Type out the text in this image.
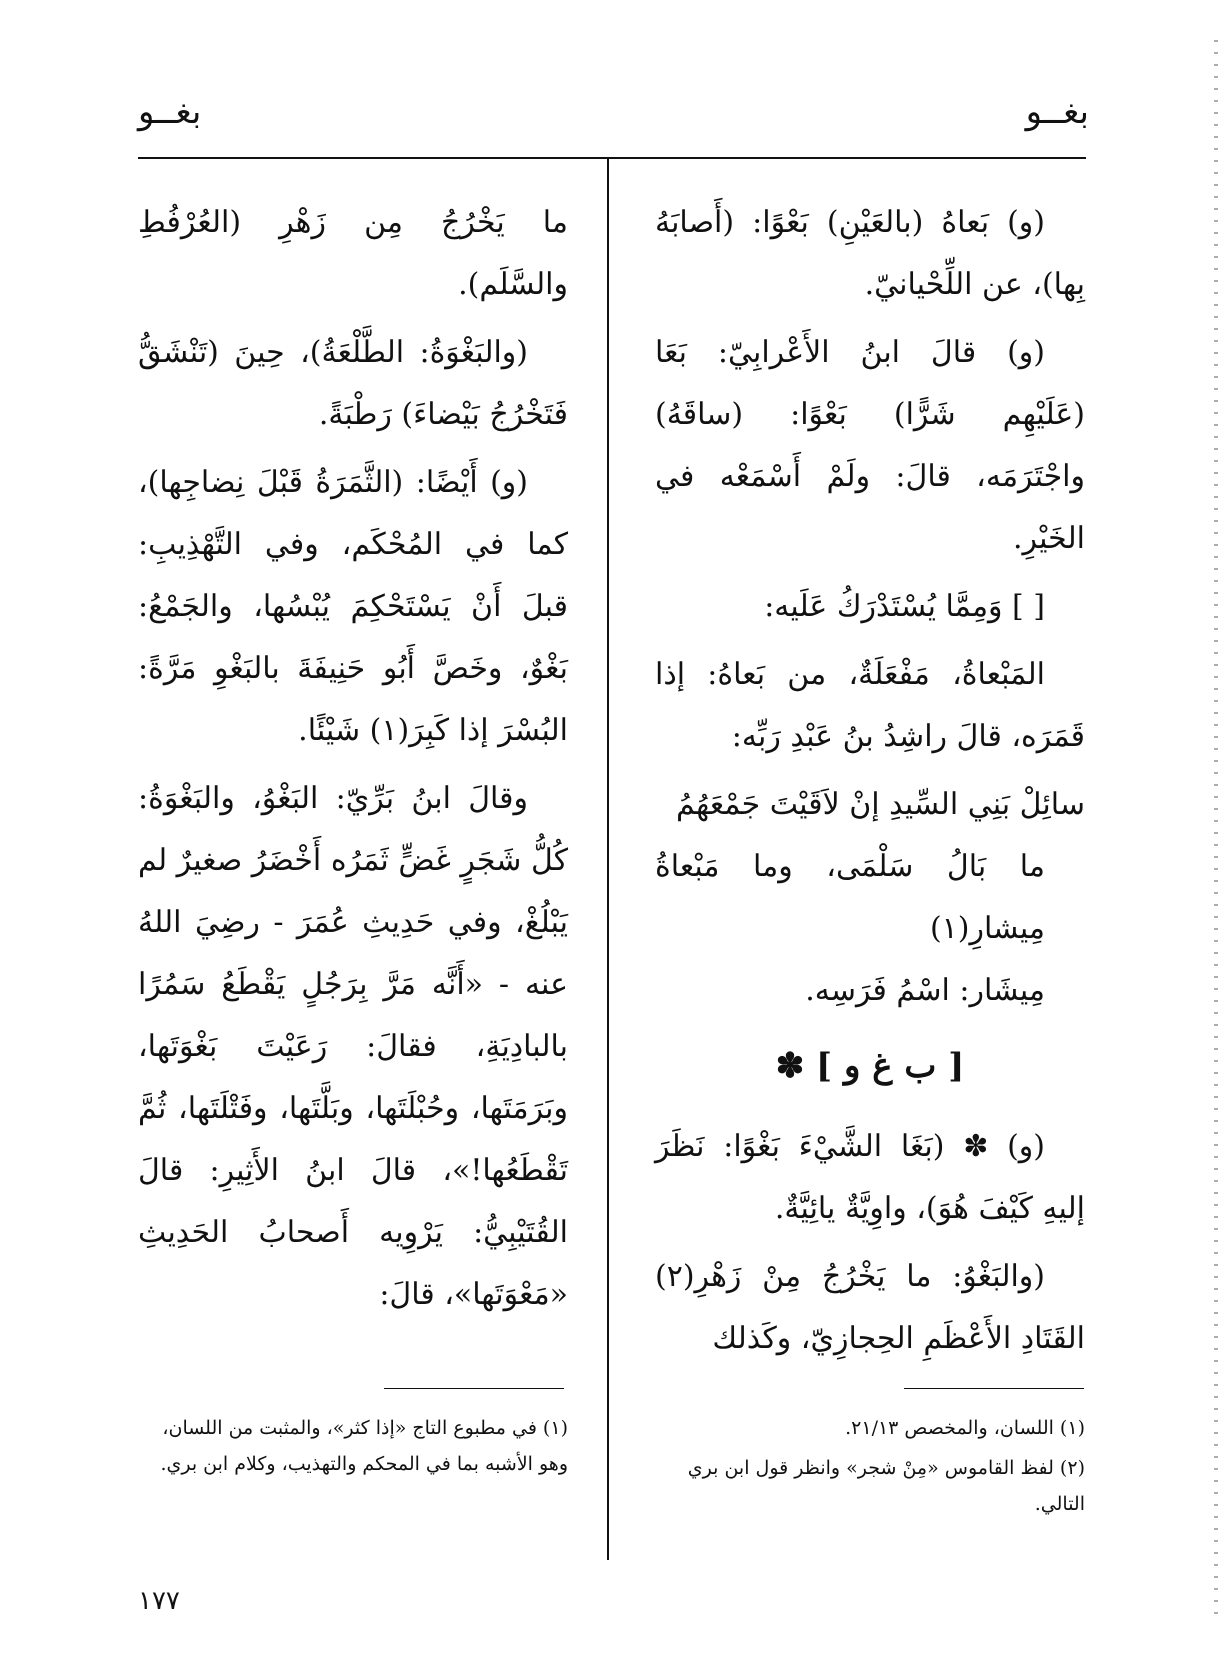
بغــو
بغــو

(و) بَعاهُ (بالعَيْنِ) بَعْوًا: (أَصابَهُ بِها)، عن اللِّحْيانيّ.

(و) قالَ ابنُ الأَعْرابِيّ: بَعَا (عَلَيْهِم شَرًّا) بَعْوًا: (ساقَهُ) واجْتَرَمَه، قالَ: ولَمْ أَسْمَعْه في الخَيْرِ.

[ ] وَمِمَّا يُسْتَدْرَكُ عَلَيه:

المَبْعاةُ، مَفْعَلَةٌ، من بَعاهُ: إذا قَمَرَه، قالَ راشِدُ بنُ عَبْدِ رَبِّه:

سائِلْ بَنِي السِّيدِ إنْ لاَقَيْتَ جَمْعَهُمُ

ما بَالُ سَلْمَى، وما مَبْعاةُ مِيشارِ(١)

مِيشَار: اسْمُ فَرَسِه.

[ ب غ و ] ✽

(و) ✽ (بَغَا الشَّيْءَ بَغْوًا: نَظَرَ إليهِ كَيْفَ هُوَ)، واوِيَّةٌ يائِيَّةٌ.

(والبَغْوُ: ما يَخْرُجُ مِنْ زَهْرِ(٢) القَتَادِ الأَعْظَمِ الحِجازِيّ، وكَذلك

ما يَخْرُجُ مِن زَهْرِ (العُرْفُطِ والسَّلَم).

(والبَغْوَةُ: الطَّلْعَةُ)، حِينَ (تَنْشَقُّ فَتَخْرُجُ بَيْضاءَ) رَطْبَةً.

(و) أَيْضًا: (الثَّمَرَةُ قَبْلَ نِضاجِها)، كما في المُحْكَم، وفي التَّهْذِيبِ: قبلَ أَنْ يَسْتَحْكِمَ يُبْسُها، والجَمْعُ: بَغْوٌ، وخَصَّ أَبُو حَنِيفَةَ بالبَغْوِ مَرَّةً: البُسْرَ إذا كَبِرَ(١) شَيْئًا.

وقالَ ابنُ بَرِّيّ: البَغْوُ، والبَغْوَةُ: كُلُّ شَجَرٍ غَضٍّ ثَمَرُه أَخْضَرُ صغيرٌ لم يَبْلُغْ، وفي حَدِيثِ عُمَرَ - رضِيَ اللهُ عنه - «أَنَّه مَرَّ بِرَجُلٍ يَقْطَعُ سَمُرًا بالبادِيَةِ، فقالَ: رَعَيْتَ بَغْوَتَها، وبَرَمَتَها، وحُبْلَتَها، وبَلَّتَها، وفَتْلَتَها، ثُمَّ تَقْطَعُها!»، قالَ ابنُ الأَثِيرِ: قالَ القُتَيْبِيُّ: يَرْوِيه أَصحابُ الحَدِيثِ «مَعْوَتَها»، قالَ:

(١) اللسان، والمخصص ٢١/١٣.

(٢) لفظ القاموس «مِنْ شجر» وانظر قول ابن بري التالي.

(١) في مطبوع التاج «إذا كثر»، والمثبت من اللسان، وهو الأشبه بما في المحكم والتهذيب، وكلام ابن بري.

١٧٧
